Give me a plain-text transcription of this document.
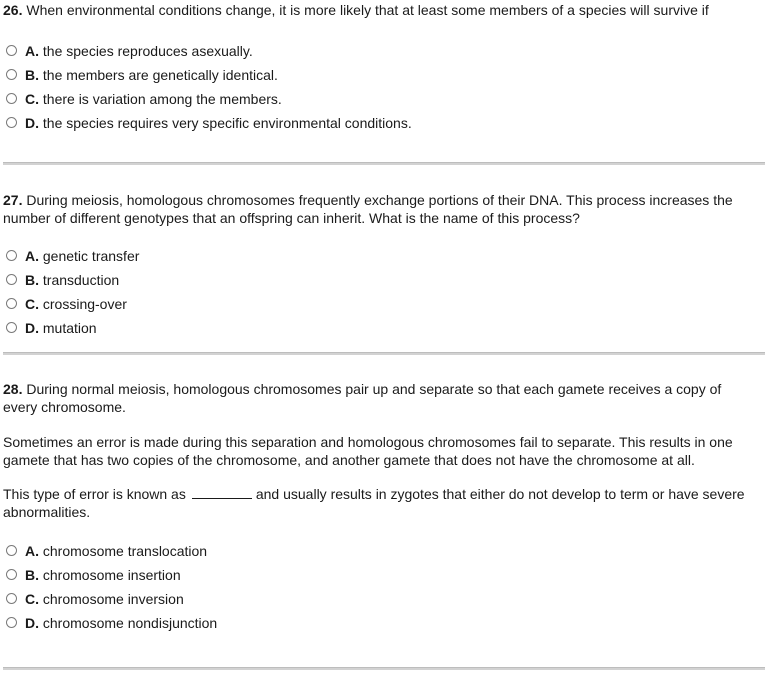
26. When environmental conditions change, it is more likely that at least some members of a species will survive if

A. the species reproduces asexually.
B. the members are genetically identical.
C. there is variation among the members.
D. the species requires very specific environmental conditions.

27. During meiosis, homologous chromosomes frequently exchange portions of their DNA. This process increases the number of different genotypes that an offspring can inherit. What is the name of this process?

A. genetic transfer
B. transduction
C. crossing-over
D. mutation

28. During normal meiosis, homologous chromosomes pair up and separate so that each gamete receives a copy of every chromosome.

Sometimes an error is made during this separation and homologous chromosomes fail to separate. This results in one gamete that has two copies of the chromosome, and another gamete that does not have the chromosome at all.

This type of error is known as	and usually results in zygotes that either do not develop to term or have severe abnormalities.

A. chromosome translocation
B. chromosome insertion
C. chromosome inversion
D. chromosome nondisjunction
